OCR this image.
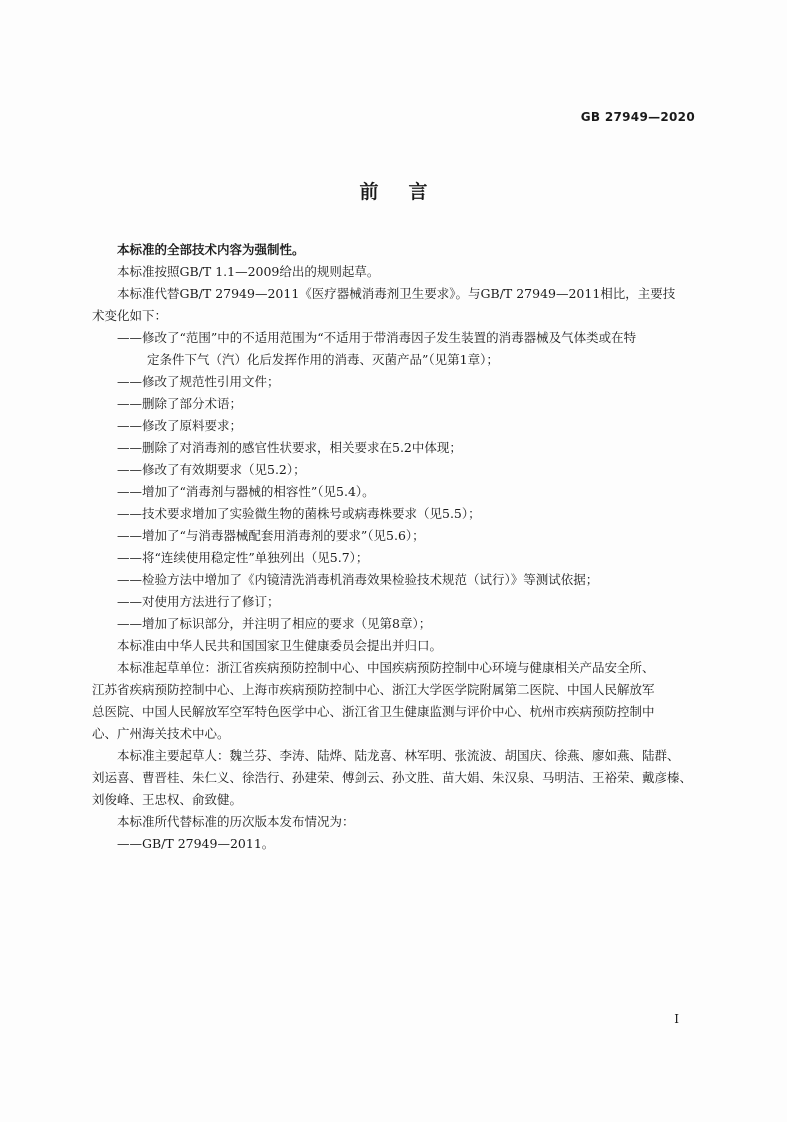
GB 27949—2020
前言

本标准的全部技术内容为强制性。

本标准按照GB/T 1.1—2009给出的规则起草。

本标准代替GB/T 27949—2011《医疗器械消毒剂卫生要求》。与GB/T 27949—2011相比，主要技

术变化如下：

——修改了“范围”中的不适用范围为“不适用于带消毒因子发生装置的消毒器械及气体类或在特

定条件下气（汽）化后发挥作用的消毒、灭菌产品”（见第1章）；

——修改了规范性引用文件；

——删除了部分术语；

——修改了原料要求；

——删除了对消毒剂的感官性状要求，相关要求在5.2中体现；

——修改了有效期要求（见5.2）；

——增加了“消毒剂与器械的相容性”（见5.4）。

——技术要求增加了实验微生物的菌株号或病毒株要求（见5.5）；

——增加了“与消毒器械配套用消毒剂的要求”（见5.6）；

——将“连续使用稳定性”单独列出（见5.7）；

——检验方法中增加了《内镜清洗消毒机消毒效果检验技术规范（试行）》等测试依据；

——对使用方法进行了修订；

——增加了标识部分，并注明了相应的要求（见第8章）；

本标准由中华人民共和国国家卫生健康委员会提出并归口。

本标准起草单位：浙江省疾病预防控制中心、中国疾病预防控制中心环境与健康相关产品安全所、

江苏省疾病预防控制中心、上海市疾病预防控制中心、浙江大学医学院附属第二医院、中国人民解放军

总医院、中国人民解放军空军特色医学中心、浙江省卫生健康监测与评价中心、杭州市疾病预防控制中

心、广州海关技术中心。

本标准主要起草人：魏兰芬、李涛、陆烨、陆龙喜、林军明、张流波、胡国庆、徐燕、廖如燕、陆群、

刘运喜、曹晋桂、朱仁义、徐浩行、孙建荣、傅剑云、孙文胜、苗大娟、朱汉泉、马明洁、王裕荣、戴彦榛、

刘俊峰、王忠权、俞致健。

本标准所代替标准的历次版本发布情况为：

——GB/T 27949—2011。

I
